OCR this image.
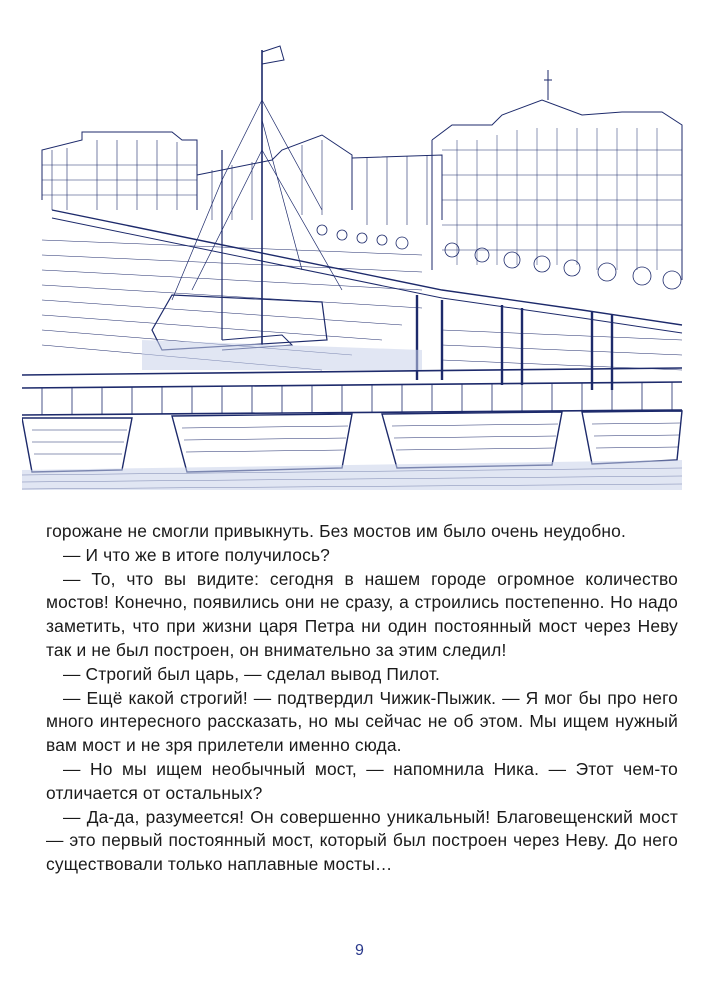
горожане не смогли привыкнуть. Без мостов им было очень неудобно.

— И что же в итоге получилось?

— То, что вы видите: сегодня в нашем городе огромное количество мостов! Конечно, появились они не сразу, а строились постепенно. Но надо заметить, что при жизни царя Петра ни один постоянный мост через Неву так и не был построен, он внимательно за этим следил!

— Строгий был царь, — сделал вывод Пилот.

— Ещё какой строгий! — подтвердил Чижик-Пыжик. — Я мог бы про него много интересного рассказать, но мы сейчас не об этом. Мы ищем нужный вам мост и не зря прилетели именно сюда.

— Но мы ищем необычный мост, — напомнила Ника. — Этот чем-то отличается от остальных?

— Да-да, разумеется! Он совершенно уникальный! Благовещенский мост — это первый постоянный мост, который был построен через Неву. До него существовали только наплавные мосты…

9
